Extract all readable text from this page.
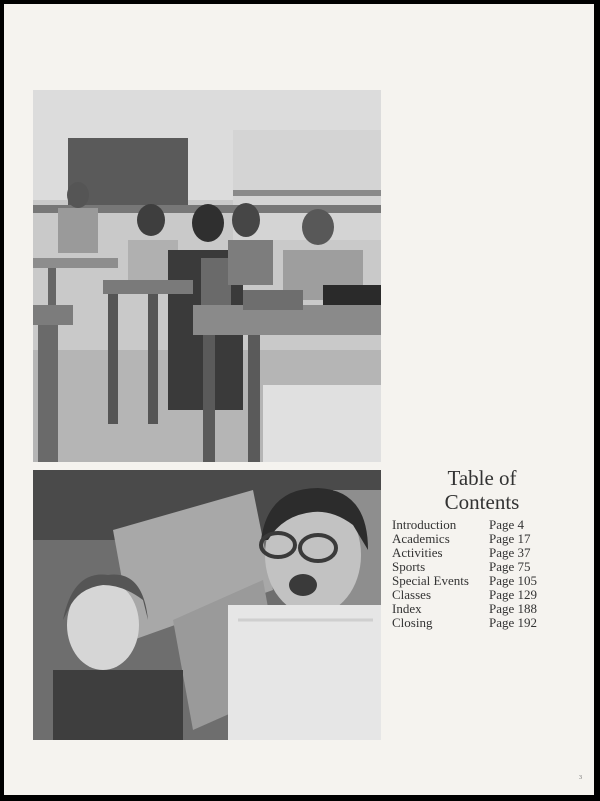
Table of
Contents
Introduction	Page 4
Academics	Page 17
Activities	Page 37
Sports	Page 75
Special Events	Page 105
Classes	Page 129
Index	Page 188
Closing	Page 192
3
